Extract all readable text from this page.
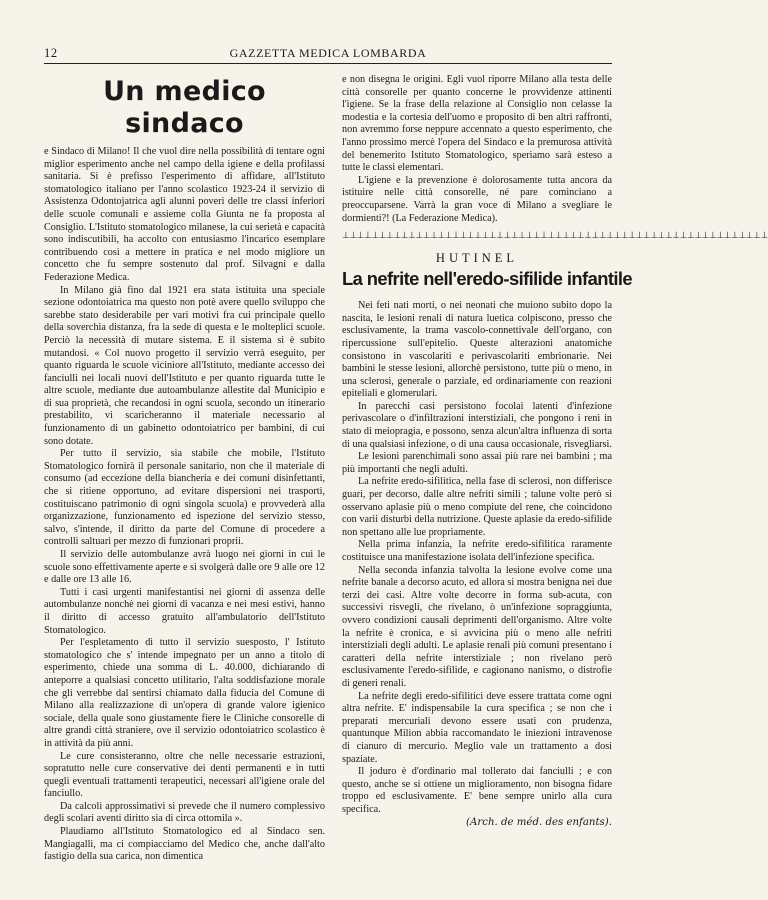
12	GAZZETTA MEDICA LOMBARDA
Un medico sindaco

e Sindaco di Milano! Il che vuol dire nella possibilità di tentare ogni miglior esperimento anche nel campo della igiene e della profilassi sanitaria. Si è prefisso l'esperimento di affidare, all'Istituto stomatologico italiano per l'anno scolastico 1923-24 il servizio di Assistenza Odontojatrica agli alunni poveri delle tre classi inferiori delle scuole comunali e assieme colla Giunta ne fa proposta al Consiglio. L'Istituto stomatologico milanese, la cui serietà e capacità sono indiscutibili, ha accolto con entusiasmo l'incarico esemplare contribuendo così a mettere in pratica e nel modo migliore un concetto che fu sempre sostenuto dal prof. Silvagni e dalla Federazione Medica.

In Milano già fino dal 1921 era stata istituita una speciale sezione odontoiatrica ma questo non potè avere quello sviluppo che sarebbe stato desiderabile per vari motivi fra cui principale quello della soverchia distanza, fra la sede di questa e le molteplici scuole. Perciò la necessità di mutare sistema. E il sistema si è subito mutandosi. « Col nuovo progetto il servizio verrà eseguito, per quanto riguarda le scuole vicinìore all'Istituto, mediante accesso dei fanciulli nei locali nuovi dell'Istituto e per quanto riguarda tutte le altre scuole, mediante due autoambulanze allestite dal Municipio e di sua proprietà, che recandosi in ogni scuola, secondo un itinerario prestabilito, vi scaricheranno il materiale necessario al funzionamento di un gabinetto odontoiatrico per bambini, di cui sono dotate.

Per tutto il servizio, sia stabile che mobile, l'Istituto Stomatologico fornirà il personale sanitario, non che il materiale di consumo (ad eccezione della biancheria e dei comuni disinfettanti, che si ritiene opportuno, ad evitare dispersioni nei trasporti, costituiscano patrimonio di ogni singola scuola) e provvederà alla organizzazione, funzionamento ed ispezione del servizio stesso, salvo, s'intende, il diritto da parte del Comune di procedere a controlli saltuari per mezzo di funzionari proprii.

Il servizio delle autombulanze avrà luogo nei giorni in cui le scuole sono effettivamente aperte e si svolgerà dalle ore 9 alle ore 12 e dalle ore 13 alle 16.

Tutti i casi urgenti manifestantisi nei giorni di assenza delle autombulanze nonchè nei giorni di vacanza e nei mesi estivi, hanno il diritto di accesso gratuito all'ambulatorio dell'Istituto Stomatologico.

Per l'espletamento di tutto il servizio suesposto, l' Istituto stomatologico che s' intende impegnato per un anno a titolo di esperimento, chiede una somma di L. 40.000, dichiarando di anteporre a qualsiasi concetto utilitario, l'alta soddisfazione morale che gli verrebbe dal sentirsi chiamato dalla fiducia del Comune di Milano alla realizzazione di un'opera di grande valore igienico sociale, della quale sono giustamente fiere le Cliniche consorelle di altre grandi città straniere, ove il servizio odontoiatrico scolastico è in attività da più anni.

Le cure consisteranno, oltre che nelle necessarie estrazioni, sopratutto nelle cure conservative dei denti permanenti e in tutti quegli eventuali trattamenti terapeutici, necessari all'igiene orale del fanciullo.

Da calcoli approssimativi si prevede che il numero complessivo degli scolari aventi diritto sia di circa ottomila ».

Plaudiamo all'Istituto Stomatologico ed al Sindaco sen. Mangiagalli, ma ci compiacciamo del Medico che, anche dall'alto fastigio della sua carica, non dimentica

e non disegna le origini. Egli vuol riporre Milano alla testa delle città consorelle per quanto concerne le provvidenze attinenti l'igiene. Se la frase della relazione al Consiglio non celasse la modestia e la cortesia dell'uomo e proposito di ben altri raffronti, non avremmo forse neppure accennato a questo esperimento, che l'anno prossimo mercè l'opera del Sindaco e la premurosa attività del benemerito Istituto Stomatologico, speriamo sarà esteso a tutte le classi elementari.

L'igiene e la prevenzione è dolorosamente tutta ancora da istituire nelle città consorelle, né pare cominciano a preoccuparsene. Varrà la gran voce di Milano a svegliare le dormienti?! (La Federazione Medica).

⊥⊥⊥⊥⊥⊥⊥⊥⊥⊥⊥⊥⊥⊥⊥⊥⊥⊥⊥⊥⊥⊥⊥⊥⊥⊥⊥⊥⊥⊥⊥⊥⊥⊥⊥⊥⊥⊥⊥⊥⊥⊥⊥⊥⊥⊥⊥⊥⊥⊥⊥⊥⊥⊥⊥⊥⊥⊥
HUTINEL
La nefrite nell'eredo-sifilide infantile

Nei feti nati morti, o nei neonati che muiono subito dopo la nascita, le lesioni renali di natura luetica colpiscono, presso che esclusivamente, la trama vascolo-connettivale dell'organo, con ripercussione sull'epitelio. Queste alterazioni anatomiche consistono in vascolariti e perivascolariti embrionarie. Nei bambini le stesse lesioni, allorchè persistono, tutte più o meno, in una sclerosi, generale o parziale, ed ordinariamente con reazioni epiteliali e glomerulari.

In parecchi casi persistono focolai latenti d'infezione perivascolare o d'infiltrazioni interstiziali, che pongono i reni in stato di meiopragia, e possono, senza alcun'altra influenza di sorta di una qualsiasi infezione, o di una causa occasionale, risvegliarsi.

Le lesioni parenchimali sono assai più rare nei bambini ; ma più importanti che negli adulti.

La nefrite eredo-sifilitica, nella fase di sclerosi, non differisce guari, per decorso, dalle altre nefriti simili ; talune volte però si osservano aplasie più o meno compiute del rene, che coincidono con varii disturbi della nutrizione. Queste aplasie da eredo-sifilide non spettano alle lue propriamente.

Nella prima infanzia, la nefrite eredo-sifilitica raramente costituisce una manifestazione isolata dell'infezione specifica.

Nella seconda infanzia talvolta la lesione evolve come una nefrite banale a decorso acuto, ed allora si mostra benigna nei due terzi dei casi. Altre volte decorre in forma sub-acuta, con successivi risvegli, che rivelano, ò un'infezione sopraggiunta, ovvero condizioni causali deprimenti dell'organismo. Altre volte la nefrite è cronica, e si avvicina più o meno alle nefriti interstiziali degli adulti. Le aplasie renali più comuni presentano i caratteri della nefrite interstiziale ; non rivelano però esclusivamente l'eredo-sifilide, e cagionano nanismo, o distrofie di generi renali.

La nefrite degli eredo-sifilitici deve essere trattata come ogni altra nefrite. E' indispensabile la cura specifica ; se non che i preparati mercuriali devono essere usati con prudenza, quantunque Milion abbia raccomandato le iniezioni intravenose di cianuro di mercurio. Meglio vale un trattamento a dosi spaziate.

Il joduro è d'ordinario mal tollerato dai fanciulli ; e con questo, anche se si ottiene un miglioramento, non bisogna fidare troppo ed esclusivamente. E' bene sempre unirlo alla cura specifica.

(Arch. de méd. des enfants).
